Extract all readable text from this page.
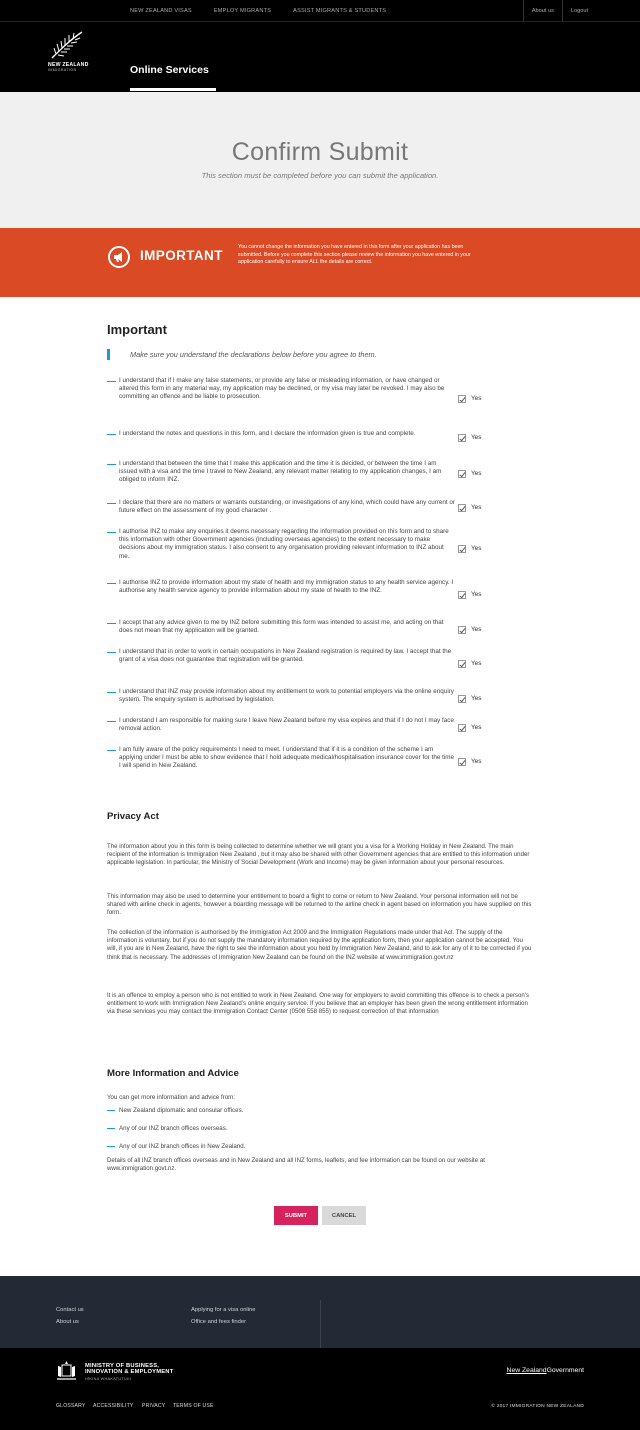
NEW ZEALAND VISAS	EMPLOY MIGRANTS	ASSIST MIGRANTS & STUDENTS	About us	Logout
NEW ZEALAND
IMMIGRATION	Online Services
Confirm Submit
This section must be completed before you can submit the application.
IMPORTANT
You cannot change the information you have entered in this form after your application has been submitted. Before you complete this section please review the information you have entered in your application carefully to ensure ALL the details are correct.
Important
Make sure you understand the declarations below before you agree to them.
I understand that if I make any false statements, or provide any false or misleading information, or have changed or altered this form in any material way, my application may be declined, or my visa may later be revoked. I may also be committing an offence and be liable to prosecution.	Yes
I understand the notes and questions in this form, and I declare the information given is true and complete.
Yes
I understand that between the time that I make this application and the time it is decided, or between the time I am issued with a visa and the time I travel to New Zealand, any relevant matter relating to my application changes, I am obliged to inform INZ.
Yes
I declare that there are no matters or warrants outstanding, or investigations of any kind, which could have any current or future effect on the assessment of my good character .	Yes
I authorise INZ to make any enquiries it deems necessary regarding the information provided on this form and to share this information with other Government agencies (including overseas agencies) to the extent necessary to make decisions about my immigration status. I also consent to any organisation providing relevant information to INZ about me.
Yes
I authorise INZ to provide information about my state of health and my immigration status to any health service agency. I authorise any health service agency to provide information about my state of health to the INZ.
Yes
I accept that any advice given to me by INZ before submitting this form was intended to assist me, and acting on that does not mean that my application will be granted.	Yes
I understand that in order to work in certain occupations in New Zealand registration is required by law. I accept that the grant of a visa does not guarantee that registration will be granted.
Yes
I understand that INZ may provide information about my entitlement to work to potential employers via the online enquiry system. The enquiry system is authorised by legislation.	Yes
I understand I am responsible for making sure I leave New Zealand before my visa expires and that if I do not I may face removal action.	Yes
I am fully aware of the policy requirements I need to meet. I understand that if it is a condition of the scheme I am applying under I must be able to show evidence that I hold adequate medical/hospitalisation insurance cover for the time I will spend in New Zealand.
Yes
Privacy Act

The information about you in this form is being collected to determine whether we will grant you a visa for a Working Holiday in New Zealand. The main recipient of the information is Immigration New Zealand , but it may also be shared with other Government agencies that are entitled to this information under applicable legislation. In particular, the Ministry of Social Development (Work and Income) may be given information about your personal resources.

This information may also be used to determine your entitlement to board a flight to come or return to New Zealand. Your personal information will not be shared with airline check in agents, however a boarding message will be returned to the airline check in agent based on information you have supplied on this form.

The collection of the information is authorised by the Immigration Act 2009 and the Immigration Regulations made under that Act. The supply of the information is voluntary, but if you do not supply the mandatory information required by the application form, then your application cannot be accepted. You will, if you are in New Zealand, have the right to see the information about you held by Immigration New Zealand, and to ask for any of it to be corrected if you think that is necessary. The addresses of Immigration New Zealand can be found on the INZ website at www.immigration.govt.nz

It is an offence to employ a person who is not entitled to work in New Zealand. One way for employers to avoid committing this offence is to check a person's entitlement to work with Immigration New Zealand's online enquiry service. If you believe that an employer has been given the wrong entitlement information via these services you may contact the Immigration Contact Center (0508 558 855) to request correction of that information

More Information and Advice
You can get more information and advice from:
New Zealand diplomatic and consular offices.
Any of our INZ branch offices overseas.
Any of our INZ branch offices in New Zealand.

Details of all INZ branch offices overseas and in New Zealand and all INZ forms, leaflets, and fee information can be found on our website at www.immigration.govt.nz.

SUBMIT	CANCEL
Contact us
About us
Applying for a visa online
Office and fees finder
MINISTRY OF BUSINESS,
INNOVATION & EMPLOYMENT
HĪKINA WHAKATUTUKI
New ZealandGovernment
GLOSSARY ACCESSIBILITY PRIVACY TERMS OF USE	© 2017 IMMIGRATION NEW ZEALAND
